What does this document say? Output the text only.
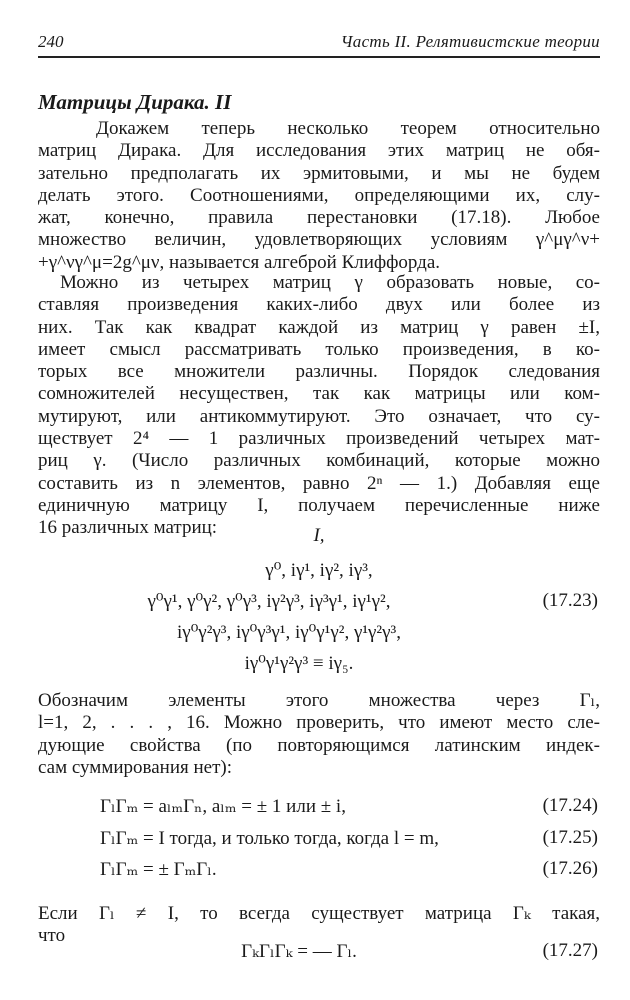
240	Часть II. Релятивистские теории
Матрицы Дирака. II
Докажем теперь несколько теорем относительно
матриц Дирака. Для исследования этих матриц не обя-
зательно предполагать их эрмитовыми, и мы не будем
делать этого. Соотношениями, определяющими их, слу-
жат, конечно, правила перестановки (17.18). Любое
множество величин, удовлетворяющих условиям γ^μγ^ν+
+γ^νγ^μ=2g^μν, называется алгеброй Клиффорда.
Можно из четырех матриц γ образовать новые, со-
ставляя произведения каких-либо двух или более из
них. Так как квадрат каждой из матриц γ равен ±I,
имеет смысл рассматривать только произведения, в ко-
торых все множители различны. Порядок следования
сомножителей несуществен, так как матрицы или ком-
мутируют, или антикоммутируют. Это означает, что су-
ществует 2⁴ — 1 различных произведений четырех мат-
риц γ. (Число различных комбинаций, которые можно
составить из n элементов, равно 2ⁿ — 1.) Добавляя еще
единичную матрицу I, получаем перечисленные ниже
16 различных матриц:	I,
γ⁰, iγ¹, iγ², iγ³,
γ⁰γ¹, γ⁰γ², γ⁰γ³, iγ²γ³, iγ³γ¹, iγ¹γ²,	(17.23)
iγ⁰γ²γ³, iγ⁰γ³γ¹, iγ⁰γ¹γ², γ¹γ²γ³,
iγ⁰γ¹γ²γ³ ≡ iγ₅.
Обозначим элементы этого множества через Γₗ,
l=1, 2, . . . , 16. Можно проверить, что имеют место сле-
дующие свойства (по повторяющимся латинским индек-
сам суммирования нет):
ΓₗΓₘ = aₗₘΓₙ, aₗₘ = ± 1 или ± i,	(17.24)
ΓₗΓₘ = I тогда, и только тогда, когда l = m,	(17.25)
ΓₗΓₘ = ± ΓₘΓₗ.	(17.26)
Если Γₗ ≠ I, то всегда существует матрица Γₖ такая,
что
ΓₖΓₗΓₖ = — Γₗ.	(17.27)
